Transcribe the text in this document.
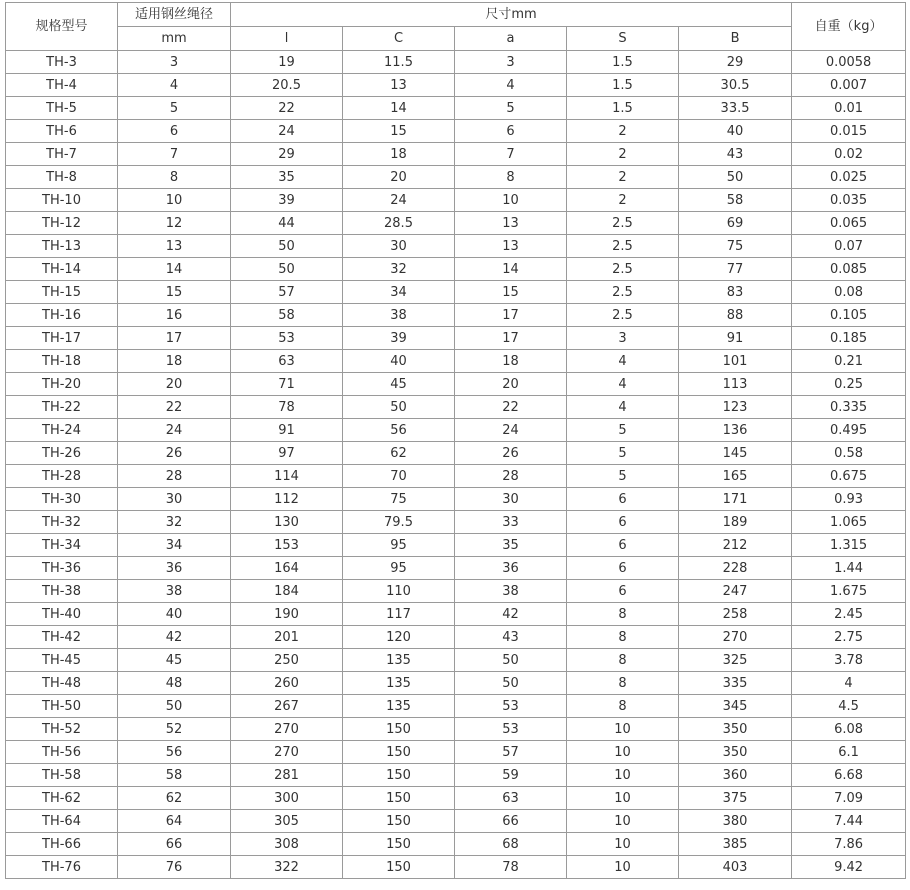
规格型号	适用钢丝绳径	尺寸mm					自重（kg）
	mm	l	C	a	S	B	
TH-3	3	19	11.5	3	1.5	29	0.0058
TH-4	4	20.5	13	4	1.5	30.5	0.007
TH-5	5	22	14	5	1.5	33.5	0.01
TH-6	6	24	15	6	2	40	0.015
TH-7	7	29	18	7	2	43	0.02
TH-8	8	35	20	8	2	50	0.025
TH-10	10	39	24	10	2	58	0.035
TH-12	12	44	28.5	13	2.5	69	0.065
TH-13	13	50	30	13	2.5	75	0.07
TH-14	14	50	32	14	2.5	77	0.085
TH-15	15	57	34	15	2.5	83	0.08
TH-16	16	58	38	17	2.5	88	0.105
TH-17	17	53	39	17	3	91	0.185
TH-18	18	63	40	18	4	101	0.21
TH-20	20	71	45	20	4	113	0.25
TH-22	22	78	50	22	4	123	0.335
TH-24	24	91	56	24	5	136	0.495
TH-26	26	97	62	26	5	145	0.58
TH-28	28	114	70	28	5	165	0.675
TH-30	30	112	75	30	6	171	0.93
TH-32	32	130	79.5	33	6	189	1.065
TH-34	34	153	95	35	6	212	1.315
TH-36	36	164	95	36	6	228	1.44
TH-38	38	184	110	38	6	247	1.675
TH-40	40	190	117	42	8	258	2.45
TH-42	42	201	120	43	8	270	2.75
TH-45	45	250	135	50	8	325	3.78
TH-48	48	260	135	50	8	335	4
TH-50	50	267	135	53	8	345	4.5
TH-52	52	270	150	53	10	350	6.08
TH-56	56	270	150	57	10	350	6.1
TH-58	58	281	150	59	10	360	6.68
TH-62	62	300	150	63	10	375	7.09
TH-64	64	305	150	66	10	380	7.44
TH-66	66	308	150	68	10	385	7.86
TH-76	76	322	150	78	10	403	9.42
